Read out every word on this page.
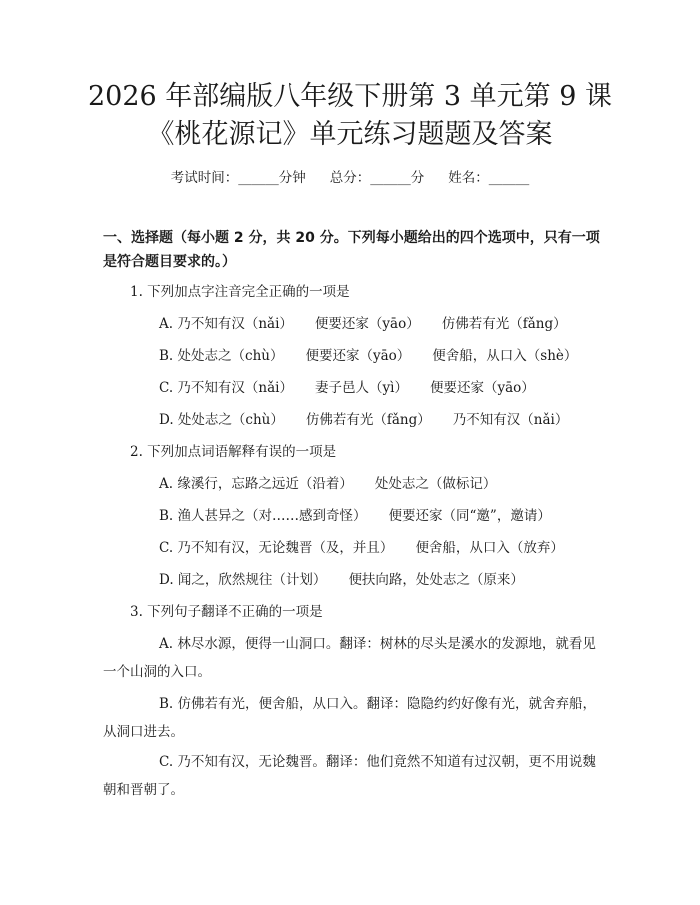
2026 年部编版八年级下册第 3 单元第 9 课
《桃花源记》单元练习题题及答案
考试时间：______分钟 总分：______分 姓名：______
一、选择题（每小题 2 分，共 20 分。下列每小题给出的四个选项中，只有一项是符合题目要求的。）
1. 下列加点字注音完全正确的一项是
A. 乃不知有汉（nǎi） 便要还家（yāo） 仿佛若有光（fǎng）
B. 处处志之（chù） 便要还家（yāo） 便舍船，从口入（shè）
C. 乃不知有汉（nǎi） 妻子邑人（yì） 便要还家（yāo）
D. 处处志之（chù） 仿佛若有光（fǎng） 乃不知有汉（nǎi）
2. 下列加点词语解释有误的一项是
A. 缘溪行，忘路之远近（沿着） 处处志之（做标记）
B. 渔人甚异之（对……感到奇怪） 便要还家（同“邀”，邀请）
C. 乃不知有汉，无论魏晋（及，并且） 便舍船，从口入（放弃）
D. 闻之，欣然规往（计划） 便扶向路，处处志之（原来）
3. 下列句子翻译不正确的一项是
A. 林尽水源，便得一山洞口。翻译：树林的尽头是溪水的发源地，就看见一个山洞的入口。
B. 仿佛若有光，便舍船，从口入。翻译：隐隐约约好像有光，就舍弃船，从洞口进去。
C. 乃不知有汉，无论魏晋。翻译：他们竟然不知道有过汉朝，更不用说魏朝和晋朝了。
